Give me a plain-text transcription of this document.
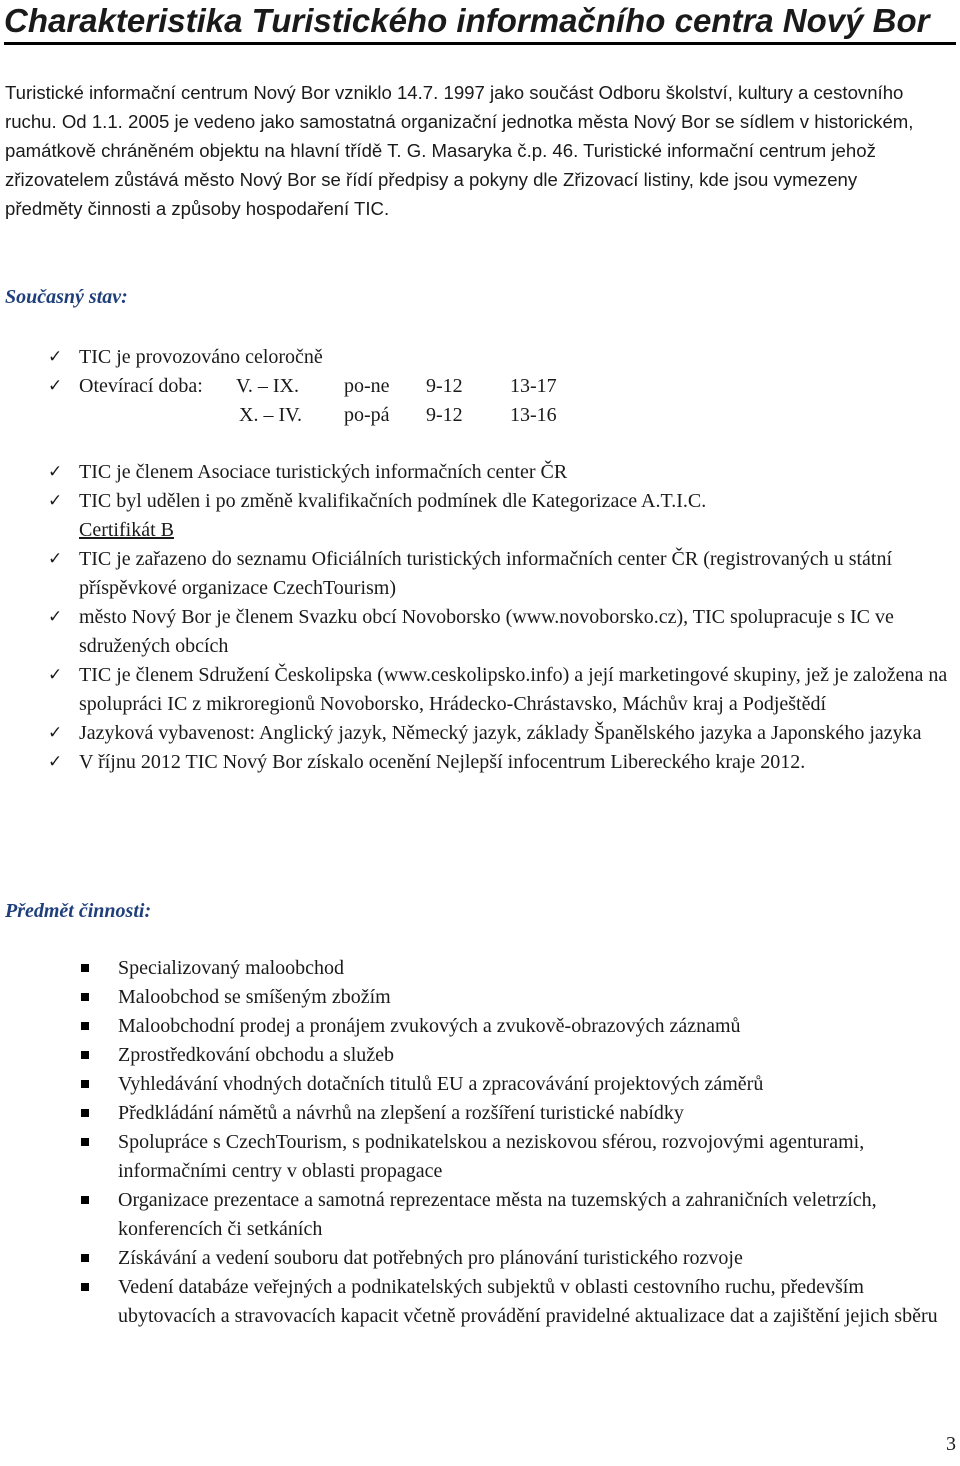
Charakteristika Turistického informačního centra Nový Bor

Turistické informační centrum Nový Bor vzniklo 14.7. 1997 jako součást Odboru školství, kultury a cestovního ruchu. Od 1.1. 2005 je vedeno jako samostatná organizační jednotka města Nový Bor se sídlem v historickém, památkově chráněném objektu na hlavní třídě T. G. Masaryka č.p. 46. Turistické informační centrum jehož zřizovatelem zůstává město Nový Bor se řídí předpisy a pokyny dle Zřizovací listiny, kde jsou vymezeny předměty činnosti a způsoby hospodaření TIC.

Současný stav:
✓ TIC je provozováno celoročně
✓ Otevírací doba: V. – IX. po-ne 9-12 13-17
X. – IV. po-pá 9-12 13-16
✓ TIC je členem Asociace turistických informačních center ČR
✓ TIC byl udělen i po změně kvalifikačních podmínek dle Kategorizace A.T.I.C.
Certifikát B
✓ TIC je zařazeno do seznamu Oficiálních turistických informačních center ČR (registrovaných u státní příspěvkové organizace CzechTourism)
✓ město Nový Bor je členem Svazku obcí Novoborsko (www.novoborsko.cz), TIC spolupracuje s IC ve sdružených obcích
✓ TIC je členem Sdružení Českolipska (www.ceskolipsko.info) a její marketingové skupiny, jež je založena na spolupráci IC z mikroregionů Novoborsko, Hrádecko-Chrástavsko, Máchův kraj a Podještědí
✓ Jazyková vybavenost: Anglický jazyk, Německý jazyk, základy Španělského jazyka a Japonského jazyka
✓ V říjnu 2012 TIC Nový Bor získalo ocenění Nejlepší infocentrum Libereckého kraje 2012.
Předmět činnosti:
Specializovaný maloobchod
Maloobchod se smíšeným zbožím
Maloobchodní prodej a pronájem zvukových a zvukově-obrazových záznamů
Zprostředkování obchodu a služeb
Vyhledávání vhodných dotačních titulů EU a zpracovávání projektových záměrů
Předkládání námětů a návrhů na zlepšení a rozšíření turistické nabídky
Spolupráce s CzechTourism, s podnikatelskou a neziskovou sférou, rozvojovými agenturami, informačními centry v oblasti propagace
Organizace prezentace a samotná reprezentace města na tuzemských a zahraničních veletrzích, konferencích či setkáních
Získávání a vedení souboru dat potřebných pro plánování turistického rozvoje
Vedení databáze veřejných a podnikatelských subjektů v oblasti cestovního ruchu, především ubytovacích a stravovacích kapacit včetně provádění pravidelné aktualizace dat a zajištění jejich sběru
3
